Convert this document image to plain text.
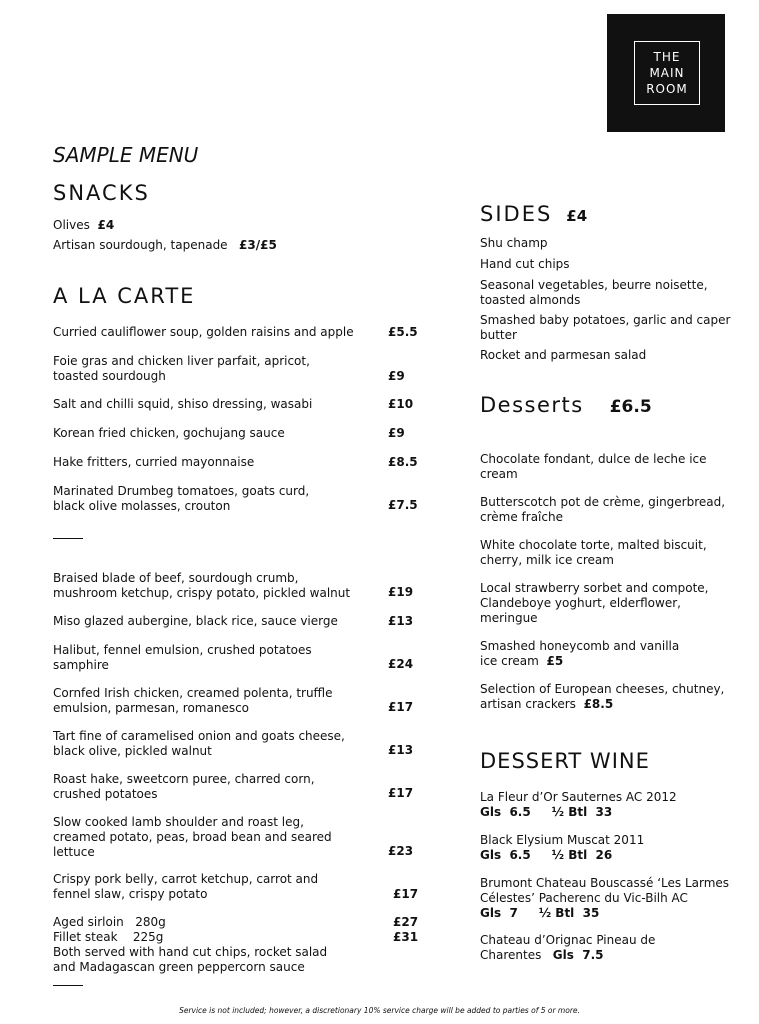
THE
MAIN
ROOM
SAMPLE MENU
SNACKS
Olives £4
Artisan sourdough, tapenade £3/£5
A LA CARTE
Curried cauliflower soup, golden raisins and apple	£5.5
Foie gras and chicken liver parfait, apricot,
toasted sourdough	£9
Salt and chilli squid, shiso dressing, wasabi	£10
Korean fried chicken, gochujang sauce	£9
Hake fritters, curried mayonnaise	£8.5
Marinated Drumbeg tomatoes, goats curd,
black olive molasses, crouton	£7.5
Braised blade of beef, sourdough crumb,
mushroom ketchup, crispy potato, pickled walnut	£19
Miso glazed aubergine, black rice, sauce vierge	£13
Halibut, fennel emulsion, crushed potatoes
samphire	£24
Cornfed Irish chicken, creamed polenta, truffle
emulsion, parmesan, romanesco	£17
Tart fine of caramelised onion and goats cheese,
black olive, pickled walnut	£13
Roast hake, sweetcorn puree, charred corn,
crushed potatoes	£17
Slow cooked lamb shoulder and roast leg,
creamed potato, peas, broad bean and seared
lettuce	£23
Crispy pork belly, carrot ketchup, carrot and
fennel slaw, crispy potato	£17
Aged sirloin 280g	£27
Fillet steak 225g	£31
Both served with hand cut chips, rocket salad
and Madagascan green peppercorn sauce
SIDES £4
Shu champ
Hand cut chips
Seasonal vegetables, beurre noisette,
toasted almonds
Smashed baby potatoes, garlic and caper
butter
Rocket and parmesan salad
Desserts £6.5
Chocolate fondant, dulce de leche ice
cream
Butterscotch pot de crème, gingerbread,
crème fraîche
White chocolate torte, malted biscuit,
cherry, milk ice cream
Local strawberry sorbet and compote,
Clandeboye yoghurt, elderflower,
meringue
Smashed honeycomb and vanilla
ice cream £5
Selection of European cheeses, chutney,
artisan crackers £8.5
DESSERT WINE
La Fleur d’Or Sauternes AC 2012
Gls  6.5     ½ Btl  33
Black Elysium Muscat 2011
Gls  6.5     ½ Btl  26
Brumont Chateau Bouscassé ‘Les Larmes
Célestes’ Pacherenc du Vic-Bilh AC
Gls  7     ½ Btl  35
Chateau d’Orignac Pineau de
Charentes Gls  7.5
Service is not included; however, a discretionary 10% service charge will be added to parties of 5 or more.
